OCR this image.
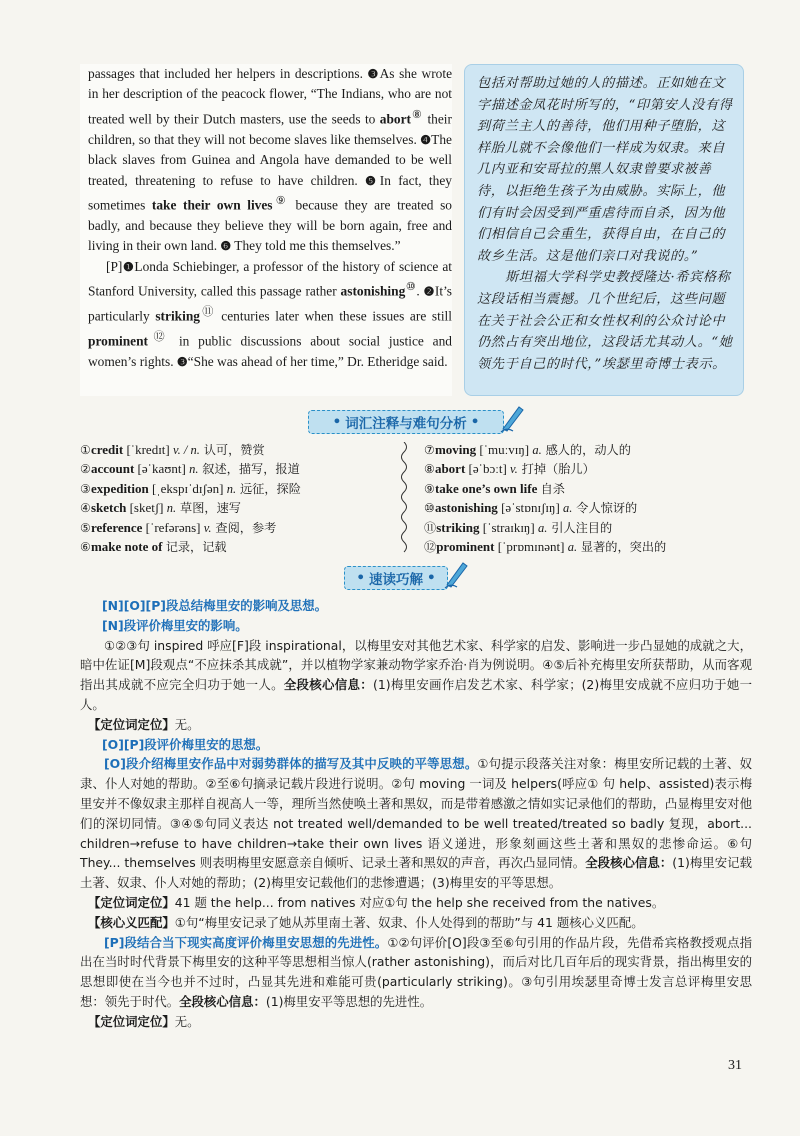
passages that included her helpers in descriptions. ❸As she wrote in her description of the peacock flower, “The Indians, who are not treated well by their Dutch masters, use the seeds to abort⑧ their children, so that they will not become slaves like themselves. ❹The black slaves from Guinea and Angola have demanded to be well treated, threatening to refuse to have children. ❺In fact, they sometimes take their own lives⑨ because they are treated so badly, and because they believe they will be born again, free and living in their own land. ❻ They told me this themselves.”

[P]❶Londa Schiebinger, a professor of the history of science at Stanford University, called this passage rather astonishing⑩. ❷It’s particularly striking⑪ centuries later when these issues are still prominent⑫ in public discussions about social justice and women’s rights. ❸“She was ahead of her time,” Dr. Etheridge said.

包括对帮助过她的人的描述。正如她在文字描述金凤花时所写的，“印第安人没有得到荷兰主人的善待，他们用种子堕胎，这样胎儿就不会像他们一样成为奴隶。来自几内亚和安哥拉的黑人奴隶曾要求被善待，以拒绝生孩子为由威胁。实际上，他们有时会因受到严重虐待而自杀，因为他们相信自己会重生，获得自由，在自己的故乡生活。这是他们亲口对我说的。”

斯坦福大学科学史教授隆达·希宾格称这段话相当震撼。几个世纪后，这些问题在关于社会公正和女性权利的公众讨论中仍然占有突出地位，这段话尤其动人。“她领先于自己的时代，”埃瑟里奇博士表示。

• 词汇注释与难句分析 •
①credit [ˈkredɪt] v. / n. 认可，赞赏
②account [əˈkaʊnt] n. 叙述，描写，报道
③expedition [ˌekspɪˈdɪʃən] n. 远征，探险
④sketch [sketʃ] n. 草图，速写
⑤reference [ˈrefərəns] v. 查阅，参考
⑥make note of 记录，记载
⑦moving [ˈmuːvɪŋ] a. 感人的，动人的
⑧abort [əˈbɔːt] v. 打掉（胎儿）
⑨take one’s own life 自杀
⑩astonishing [əˈstɒnɪʃɪŋ] a. 令人惊讶的
⑪striking [ˈstraɪkɪŋ] a. 引人注目的
⑫prominent [ˈprɒmɪnənt] a. 显著的，突出的
• 速读巧解 •

[N][O][P]段总结梅里安的影响及思想。

[N]段评价梅里安的影响。

①②③句 inspired 呼应[F]段 inspirational，以梅里安对其他艺术家、科学家的启发、影响进一步凸显她的成就之大，暗中佐证[M]段观点“不应抹杀其成就”，并以植物学家兼动物学家乔治·肖为例说明。④⑤后补充梅里安所获帮助，从而客观指出其成就不应完全归功于她一人。全段核心信息：(1)梅里安画作启发艺术家、科学家；(2)梅里安成就不应归功于她一人。

【定位词定位】无。

[O][P]段评价梅里安的思想。

[O]段介绍梅里安作品中对弱势群体的描写及其中反映的平等思想。①句提示段落关注对象：梅里安所记载的土著、奴隶、仆人对她的帮助。②至⑥句摘录记载片段进行说明。②句 moving 一词及 helpers(呼应① 句 help、assisted)表示梅里安并不像奴隶主那样自视高人一等，理所当然使唤土著和黑奴，而是带着感激之情如实记录他们的帮助，凸显梅里安对他们的深切同情。③④⑤句同义表达 not treated well/demanded to be well treated/treated so badly 复现，abort... children→refuse to have children→take their own lives 语义递进，形象刻画这些土著和黑奴的悲惨命运。⑥句 They... themselves 则表明梅里安愿意亲自倾听、记录土著和黑奴的声音，再次凸显同情。全段核心信息：(1)梅里安记载土著、奴隶、仆人对她的帮助；(2)梅里安记载他们的悲惨遭遇；(3)梅里安的平等思想。

【定位词定位】41 题 the help... from natives 对应①句 the help she received from the natives。

【核心义匹配】①句“梅里安记录了她从苏里南土著、奴隶、仆人处得到的帮助”与 41 题核心义匹配。

[P]段结合当下现实高度评价梅里安思想的先进性。①②句评价[O]段③至⑥句引用的作品片段，先借希宾格教授观点指出在当时时代背景下梅里安的这种平等思想相当惊人(rather astonishing)，而后对比几百年后的现实背景，指出梅里安的思想即使在当今也并不过时，凸显其先进和难能可贵(particularly striking)。③句引用埃瑟里奇博士发言总评梅里安思想：领先于时代。全段核心信息：(1)梅里安平等思想的先进性。

【定位词定位】无。

31
